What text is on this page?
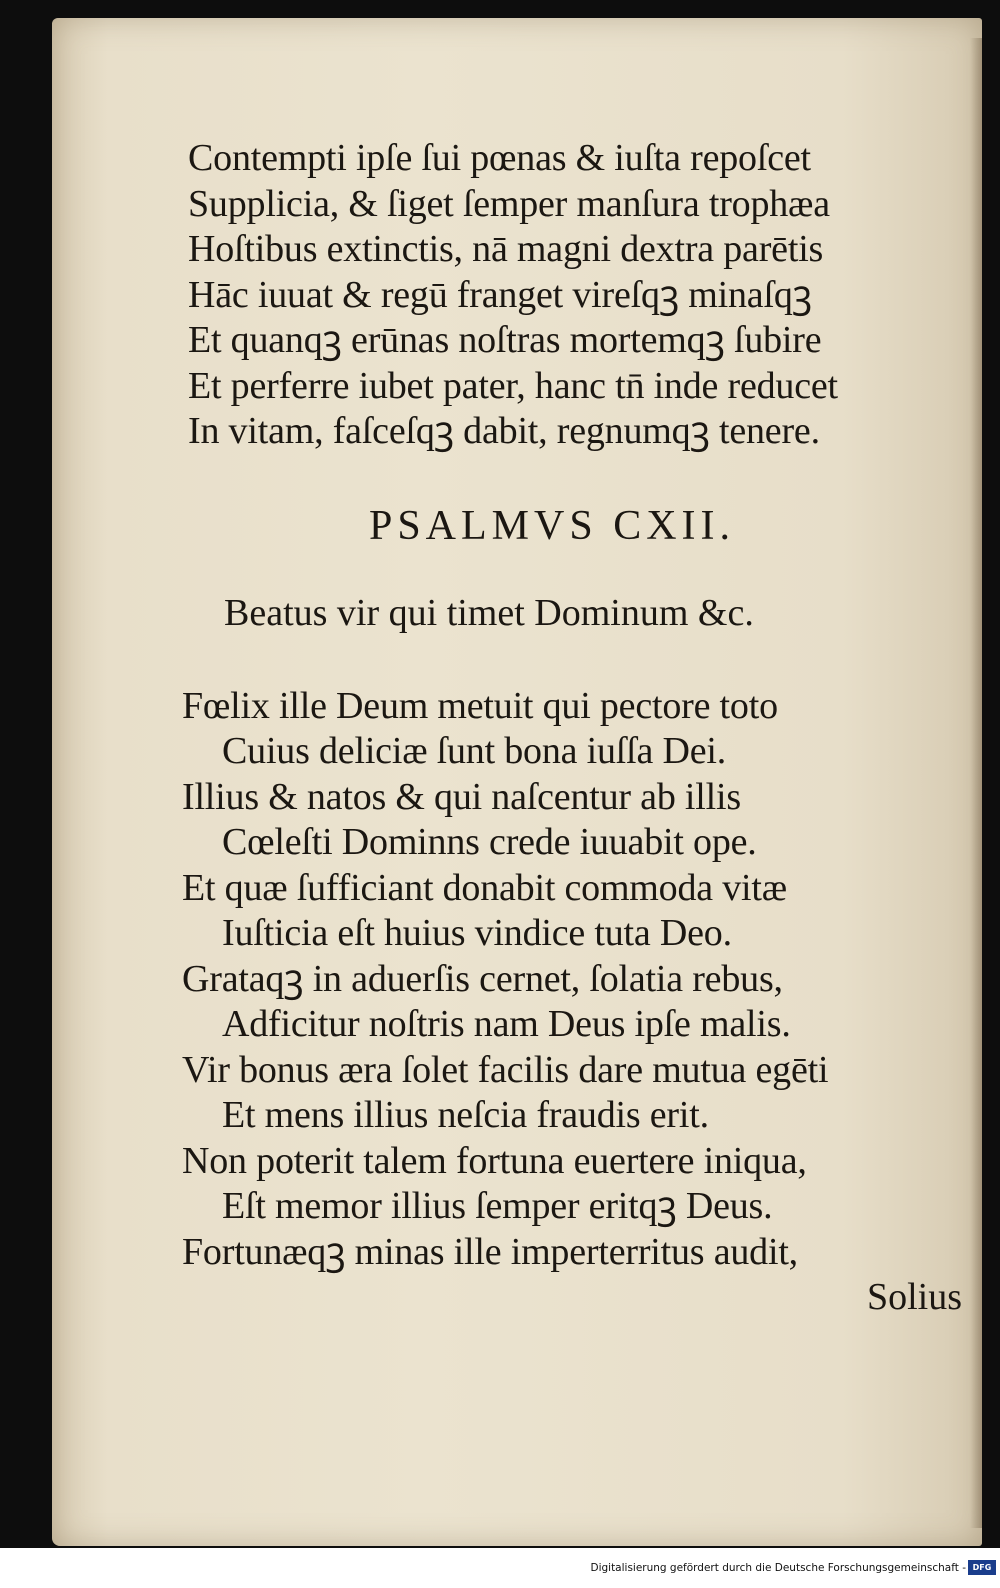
Contempti ipſe ſui pœnas & iuſta repoſcet
Supplicia, & ſiget ſemper manſura trophæa
Hoſtibus extinctis, nā magni dextra parētis
Hāc iuuat & regū franget vireſqꝫ minaſqꝫ
Et quanqꝫ erūnas noſtras mortemqꝫ ſubire
Et perferre iubet pater, hanc tn̄ inde reducet
In vitam, faſceſqꝫ dabit, regnumqꝫ tenere.
PSALMVS CXII.
Beatus vir qui timet Dominum &c.
Fœlix ille Deum metuit qui pectore toto
Cuius deliciæ ſunt bona iuſſa Dei.
Illius & natos & qui naſcentur ab illis
Cœleſti Dominns crede iuuabit ope.
Et quæ ſufficiant donabit commoda vitæ
Iuſticia eſt huius vindice tuta Deo.
Grataqꝫ in aduerſis cernet, ſolatia rebus,
Adficitur noſtris nam Deus ipſe malis.
Vir bonus æra ſolet facilis dare mutua egēti
Et mens illius neſcia fraudis erit.
Non poterit talem fortuna euertere iniqua,
Eſt memor illius ſemper eritqꝫ Deus.
Fortunæqꝫ minas ille imperterritus audit,
Solius
Digitalisierung gefördert durch die Deutsche Forschungsgemeinschaft - DFG
